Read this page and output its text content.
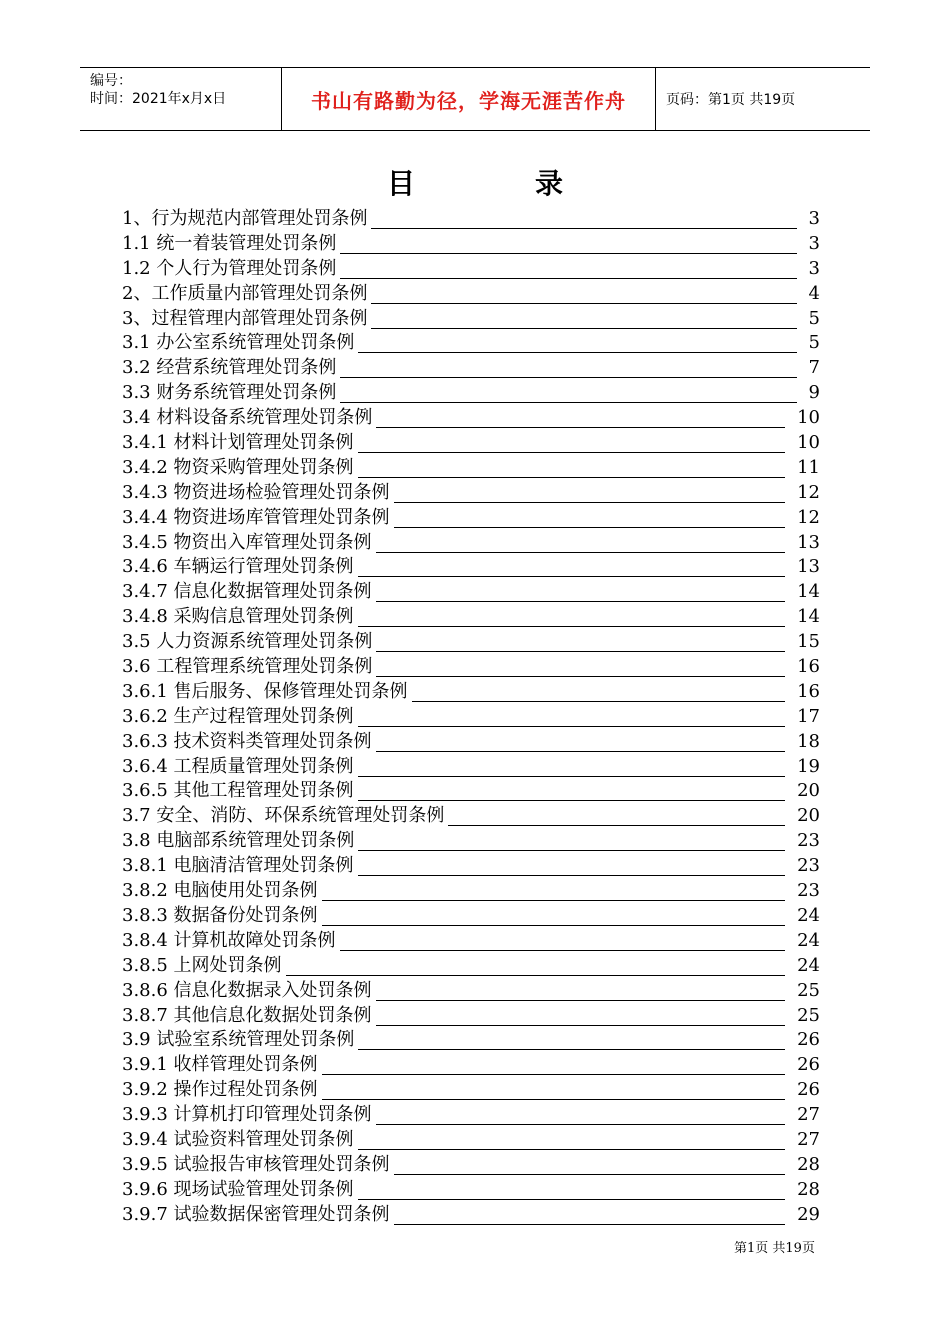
编号：
时间：2021年x月x日	书山有路勤为径，学海无涯苦作舟	页码：第1页 共19页
目录
1、行为规范内部管理处罚条例	3
1.1 统一着装管理处罚条例	3
1.2 个人行为管理处罚条例	3
2、工作质量内部管理处罚条例	4
3、过程管理内部管理处罚条例	5
3.1 办公室系统管理处罚条例	5
3.2 经营系统管理处罚条例	7
3.3 财务系统管理处罚条例	9
3.4 材料设备系统管理处罚条例	10
3.4.1 材料计划管理处罚条例	10
3.4.2 物资采购管理处罚条例	11
3.4.3 物资进场检验管理处罚条例	12
3.4.4 物资进场库管管理处罚条例	12
3.4.5 物资出入库管理处罚条例	13
3.4.6 车辆运行管理处罚条例	13
3.4.7 信息化数据管理处罚条例	14
3.4.8 采购信息管理处罚条例	14
3.5 人力资源系统管理处罚条例	15
3.6 工程管理系统管理处罚条例	16
3.6.1 售后服务、保修管理处罚条例	16
3.6.2 生产过程管理处罚条例	17
3.6.3 技术资料类管理处罚条例	18
3.6.4 工程质量管理处罚条例	19
3.6.5 其他工程管理处罚条例	20
3.7 安全、消防、环保系统管理处罚条例	20
3.8 电脑部系统管理处罚条例	23
3.8.1 电脑清洁管理处罚条例	23
3.8.2 电脑使用处罚条例	23
3.8.3 数据备份处罚条例	24
3.8.4 计算机故障处罚条例	24
3.8.5 上网处罚条例	24
3.8.6 信息化数据录入处罚条例	25
3.8.7 其他信息化数据处罚条例	25
3.9 试验室系统管理处罚条例	26
3.9.1 收样管理处罚条例	26
3.9.2 操作过程处罚条例	26
3.9.3 计算机打印管理处罚条例	27
3.9.4 试验资料管理处罚条例	27
3.9.5 试验报告审核管理处罚条例	28
3.9.6 现场试验管理处罚条例	28
3.9.7 试验数据保密管理处罚条例	29
第1页 共19页
